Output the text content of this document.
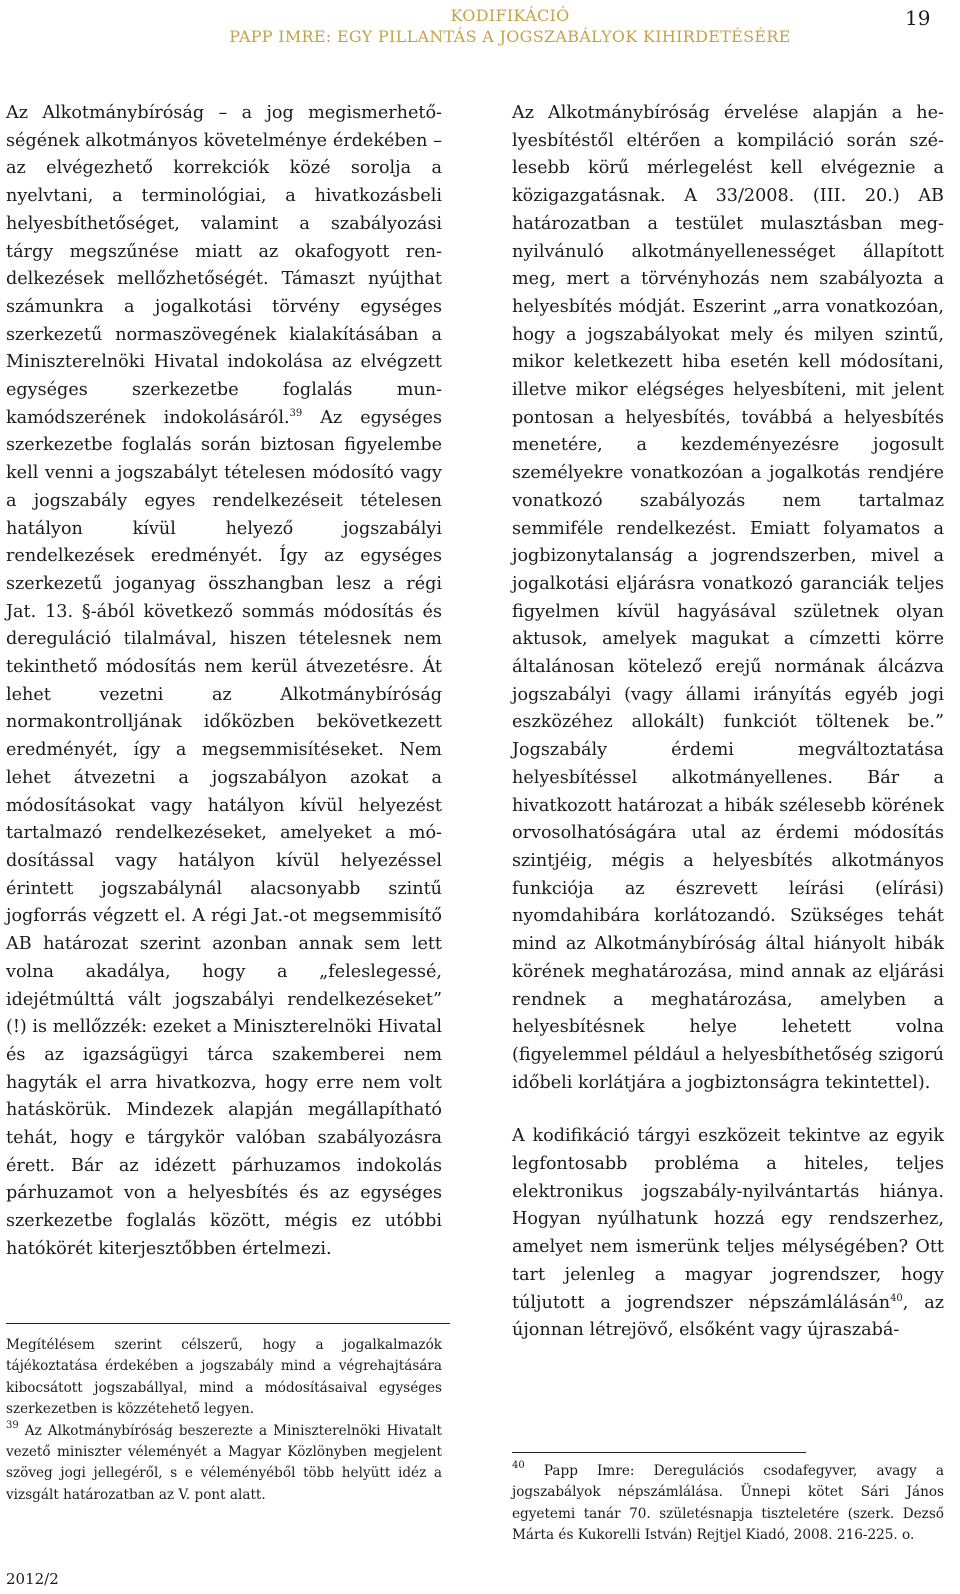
KODIFIKÁCIÓ
PAPP IMRE: EGY PILLANTÁS A JOGSZABÁLYOK KIHIRDETÉSÉRE
19

Az Alkotmánybíróság – a jog megismerhetőségének alkotmányos követelménye érdekében – az elvégezhető korrekciók közé sorolja a nyelvtani, a terminológiai, a hivatkozásbeli helyesbíthetőséget, valamint a szabályozási tárgy megszűnése miatt az okafogyott rendelkezések mellőzhetőségét. Támaszt nyújthat számunkra a jogalkotási törvény egységes szerkezetű normaszövegének kialakításában a Miniszterelnöki Hivatal indokolása az elvégzett egységes szerkezetbe foglalás munkamódszerének indokolásáról.$^{39}$ Az egységes szerkezetbe foglalás során biztosan figyelembe kell venni a jogszabályt tételesen módosító vagy a jogszabály egyes rendelkezéseit tételesen hatályon kívül helyező jogszabályi rendelkezések eredményét. Így az egységes szerkezetű joganyag összhangban lesz a régi Jat. 13. §-ából következő sommás módosítás és dereguláció tilalmával, hiszen tételesnek nem tekinthető módosítás nem kerül átvezetésre. Át lehet vezetni az Alkotmánybíróság normakontrolljának időközben bekövetkezett eredményét, így a megsemmisítéseket. Nem lehet átvezetni a jogszabályon azokat a módosításokat vagy hatályon kívül helyezést tartalmazó rendelkezéseket, amelyeket a módosítással vagy hatályon kívül helyezéssel érintett jogszabálynál alacsonyabb szintű jogforrás végzett el. A régi Jat.-ot megsemmisítő AB határozat szerint azonban annak sem lett volna akadálya, hogy a „feleslegessé, idejétmúlttá vált jogszabályi rendelkezéseket” (!) is mellőzzék: ezeket a Miniszterelnöki Hivatal és az igazságügyi tárca szakemberei nem hagyták el arra hivatkozva, hogy erre nem volt hatáskörük. Mindezek alapján megállapítható tehát, hogy e tárgykör valóban szabályozásra érett. Bár az idézett párhuzamos indokolás párhuzamot von a helyesbítés és az egységes szerkezetbe foglalás között, mégis ez utóbbi hatókörét kiterjesztőbben értelmezi.

Az Alkotmánybíróság érvelése alapján a helyesbítéstől eltérően a kompiláció során szélesebb körű mérlegelést kell elvégeznie a közigazgatásnak. A 33/2008. (III. 20.) AB határozatban a testület mulasztásban megnyilvánuló alkotmányellenességet állapított meg, mert a törvényhozás nem szabályozta a helyesbítés módját. Eszerint „arra vonatkozóan, hogy a jogszabályokat mely és milyen szintű, mikor keletkezett hiba esetén kell módosítani, illetve mikor elégséges helyesbíteni, mit jelent pontosan a helyesbítés, továbbá a helyesbítés menetére, a kezdeményezésre jogosult személyekre vonatkozóan a jogalkotás rendjére vonatkozó szabályozás nem tartalmaz semmiféle rendelkezést. Emiatt folyamatos a jogbizonytalanság a jogrendszerben, mivel a jogalkotási eljárásra vonatkozó garanciák teljes figyelmen kívül hagyásával születnek olyan aktusok, amelyek magukat a címzetti körre általánosan kötelező erejű normának álcázva jogszabályi (vagy állami irányítás egyéb jogi eszközéhez allokált) funkciót töltenek be.” Jogszabály érdemi megváltoztatása helyesbítéssel alkotmányellenes. Bár a hivatkozott határozat a hibák szélesebb körének orvosolhatóságára utal az érdemi módosítás szintjéig, mégis a helyesbítés alkotmányos funkciója az észrevett leírási (elírási) nyomdahibára korlátozandó. Szükséges tehát mind az Alkotmánybíróság által hiányolt hibák körének meghatározása, mind annak az eljárási rendnek a meghatározása, amelyben a helyesbítésnek helye lehetett volna (figyelemmel például a helyesbíthetőség szigorú időbeli korlátjára a jogbiztonságra tekintettel).

A kodifikáció tárgyi eszközeit tekintve az egyik legfontosabb probléma a hiteles, teljes elektronikus jogszabály-nyilvántartás hiánya. Hogyan nyúlhatunk hozzá egy rendszerhez, amelyet nem ismerünk teljes mélységében? Ott tart jelenleg a magyar jogrendszer, hogy túljutott a jogrendszer népszámlálásán$^{40}$, az újonnan létrejövő, elsőként vagy újraszabá-

Megítélésem szerint célszerű, hogy a jogalkalmazók tájékoztatása érdekében a jogszabály mind a végrehajtására kibocsátott jogszabállyal, mind a módosításaival egységes szerkezetben is közzétehető legyen.

$^{39}$ Az Alkotmánybíróság beszerezte a Miniszterelnöki Hivatalt vezető miniszter véleményét a Magyar Közlönyben megjelent szöveg jogi jellegéről, s e véleményéből több helyütt idéz a vizsgált határozatban az V. pont alatt.

$^{40}$ Papp Imre: Deregulációs csodafegyver, avagy a jogszabályok népszámlálása. Ünnepi kötet Sári János egyetemi tanár 70. születésnapja tiszteletére (szerk. Dezső Márta és Kukorelli István) Rejtjel Kiadó, 2008. 216-225. o.

2012/2
